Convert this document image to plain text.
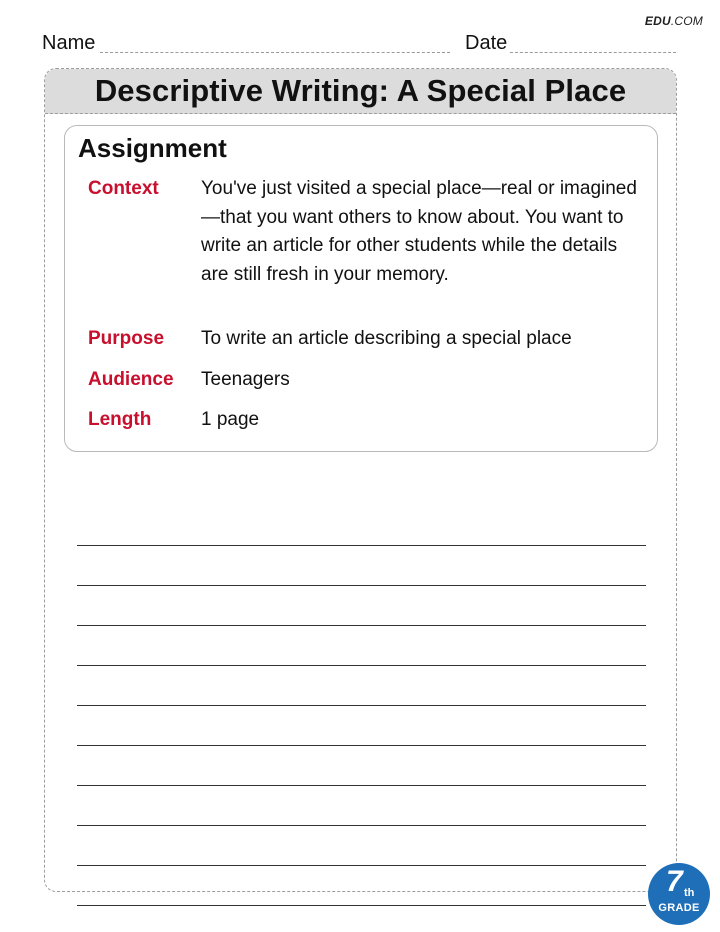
EDU.COM
Name	Date
Descriptive Writing: A Special Place
Assignment
Context	You've just visited a special place—real or imagined—that you want others to know about. You want to write an article for other students while the details are still fresh in your memory.
Purpose	To write an article describing a special place
Audience	Teenagers
Length	1 page
7 th
GRADE
